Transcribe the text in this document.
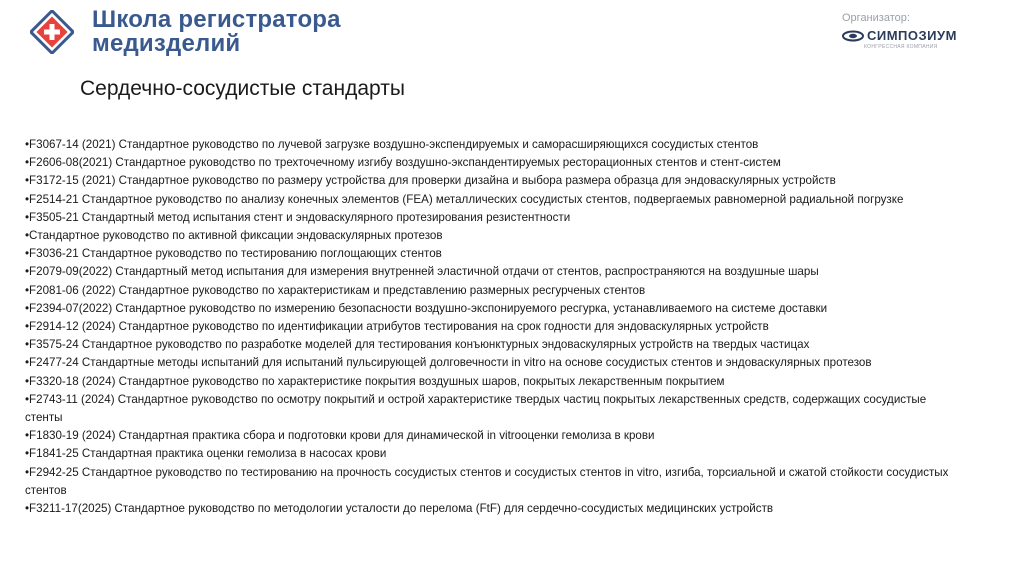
Школа регистратора
медизделий
Организатор:
СИМПОЗИУМ
КОНГРЕССНАЯ КОМПАНИЯ
Сердечно-сосудистые стандарты
•F3067-14 (2021) Стандартное руководство по лучевой загрузке воздушно-экспендируемых и саморасширяющихся сосудистых стентов
•F2606-08(2021) Стандартное руководство по трехточечному изгибу воздушно-экспандентируемых ресторационных стентов и стент-систем
•F3172-15 (2021) Стандартное руководство по размеру устройства для проверки дизайна и выбора размера образца для эндоваскулярных устройств
•F2514-21 Стандартное руководство по анализу конечных элементов (FEA) металлических сосудистых стентов, подвергаемых равномерной радиальной погрузке
•F3505-21 Стандартный метод испытания стент и эндоваскулярного протезирования резистентности
•Стандартное руководство по активной фиксации эндоваскулярных протезов
•F3036-21 Стандартное руководство по тестированию поглощающих стентов
•F2079-09(2022) Стандартный метод испытания для измерения внутренней эластичной отдачи от стентов, распространяются на воздушные шары
•F2081-06 (2022) Стандартное руководство по характеристикам и представлению размерных ресгурченых стентов
•F2394-07(2022) Стандартное руководство по измерению безопасности воздушно-экспонируемого ресгурка, устанавливаемого на системе доставки
•F2914-12 (2024) Стандартное руководство по идентификации атрибутов тестирования на срок годности для эндоваскулярных устройств
•F3575-24 Стандартное руководство по разработке моделей для тестирования конъюнктурных эндоваскулярных устройств на твердых частицах
•F2477-24 Стандартные методы испытаний для испытаний пульсирующей долговечности in vitro на основе сосудистых стентов и эндоваскулярных протезов
•F3320-18 (2024) Стандартное руководство по характеристике покрытия воздушных шаров, покрытых лекарственным покрытием
•F2743-11 (2024) Стандартное руководство по осмотру покрытий и острой характеристике твердых частиц покрытых лекарственных средств, содержащих сосудистые стенты
•F1830-19 (2024) Стандартная практика сбора и подготовки крови для динамической in vitroоценки гемолиза в крови
•F1841-25 Стандартная практика оценки гемолиза в насосах крови
•F2942-25 Стандартное руководство по тестированию на прочность сосудистых стентов и сосудистых стентов in vitro, изгиба, торсиальной и сжатой стойкости сосудистых стентов
•F3211-17(2025) Стандартное руководство по методологии усталости до перелома (FtF) для сердечно-сосудистых медицинских устройств
